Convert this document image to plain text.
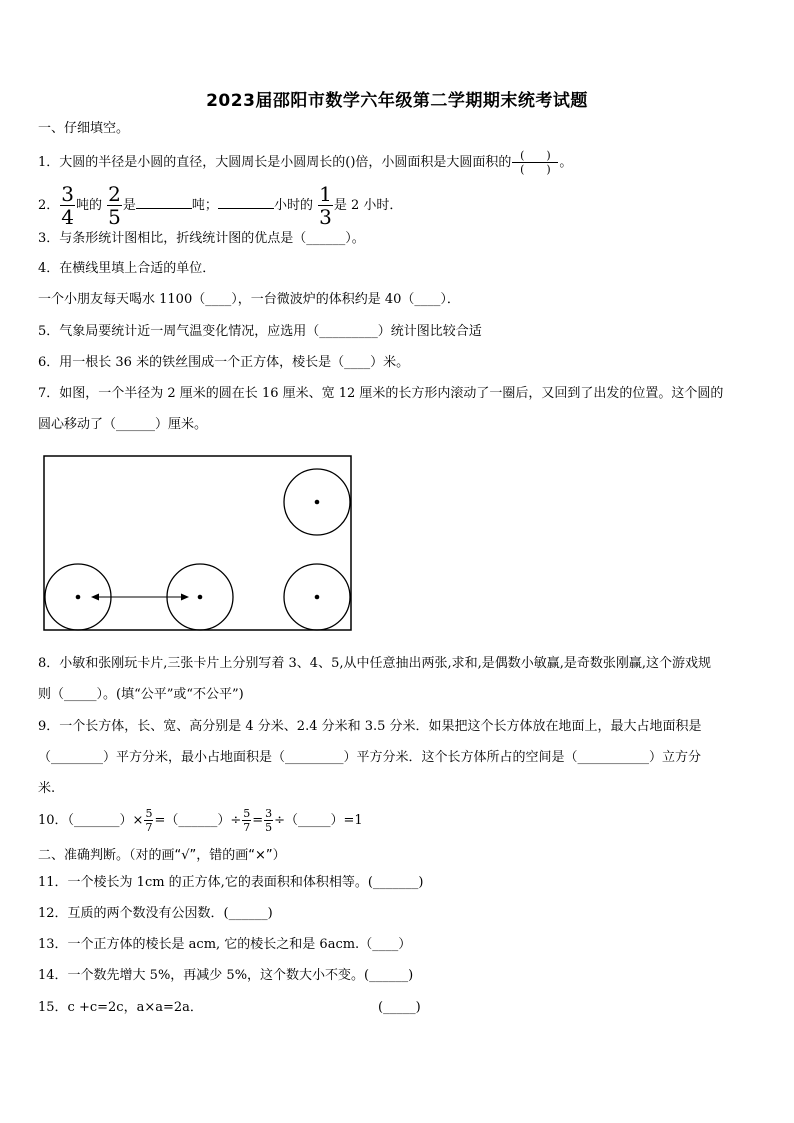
2023届邵阳市数学六年级第二学期期末统考试题
一、仔细填空。
1．大圆的半径是小圆的直径，大圆周长是小圆周长的()倍，小圆面积是大圆面积的 $\frac{( )}{( )}$ 。
2． $\frac{3}{4}$ 吨的 $\frac{2}{5}$ 是	吨；	小时的 $\frac{1}{3}$ 是 2 小时．
3．与条形统计图相比，折线统计图的优点是（______）。
4．在横线里填上合适的单位．
一个小朋友每天喝水 1100（____），一台微波炉的体积约是 40（____）．
5．气象局要统计近一周气温变化情况，应选用（_________）统计图比较合适
6．用一根长 36 米的铁丝围成一个正方体，棱长是（____）米。
7．如图，一个半径为 2 厘米的圆在长 16 厘米、宽 12 厘米的长方形内滚动了一圈后，又回到了出发的位置。这个圆的
圆心移动了（______）厘米。
8．小敏和张刚玩卡片,三张卡片上分别写着 3、4、5,从中任意抽出两张,求和,是偶数小敏赢,是奇数张刚赢,这个游戏规
则（_____）。(填“公平”或“不公平”)
9．一个长方体，长、宽、高分别是 4 分米、2.4 分米和 3.5 分米．如果把这个长方体放在地面上，最大占地面积是
（________）平方分米，最小占地面积是（_________）平方分米．这个长方体所占的空间是（___________）立方分
米.
10．（_______）× $\frac{5}{7}$ =（______）÷ $\frac{5}{7} = \frac{3}{5}$ ÷（_____）=1
二、准确判断。（对的画“√”，错的画“×”）
11．一个棱长为 1cm 的正方体,它的表面积和体积相等。(_______)
12．互质的两个数没有公因数．(______)
13．一个正方体的棱长是 acm, 它的棱长之和是 6acm.（____）
14．一个数先增大 5%，再减少 5%，这个数大小不变。(______)
15．c +c=2c，a×a=2a．	(_____)
